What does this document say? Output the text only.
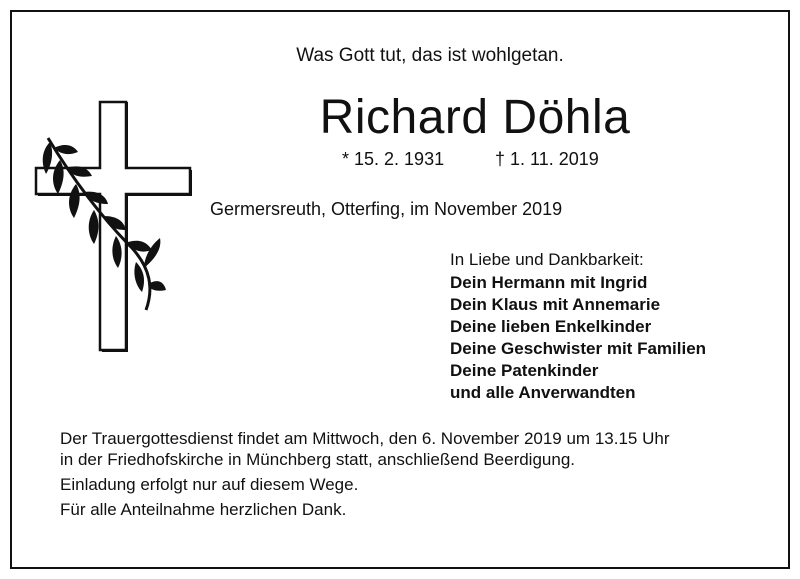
Was Gott tut, das ist wohlgetan.
Richard Döhla
* 15. 2. 1931	† 1. 11. 2019
Germersreuth, Otterfing, im November 2019
In Liebe und Dankbarkeit:
Dein Hermann mit Ingrid
Dein Klaus mit Annemarie
Deine lieben Enkelkinder
Deine Geschwister mit Familien
Deine Patenkinder
und alle Anverwandten
Der Trauergottesdienst findet am Mittwoch, den 6. November 2019 um 13.15 Uhr
in der Friedhofskirche in Münchberg statt, anschließend Beerdigung.
Einladung erfolgt nur auf diesem Wege.
Für alle Anteilnahme herzlichen Dank.
